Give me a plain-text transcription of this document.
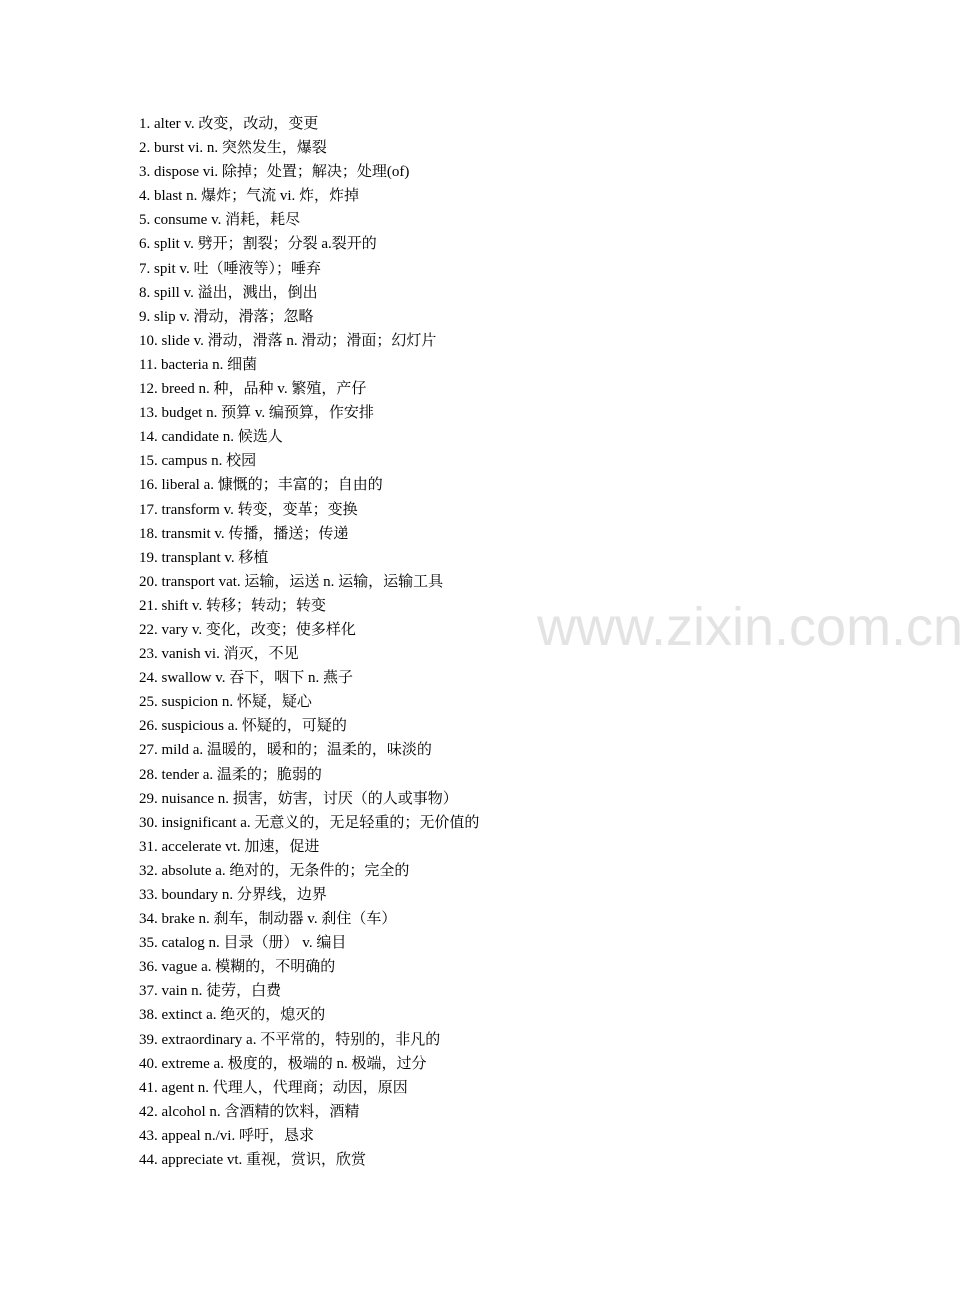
1. alter v. 改变，改动，变更
2. burst vi. n. 突然发生，爆裂
3. dispose vi. 除掉；处置；解决；处理(of)
4. blast n. 爆炸；气流 vi. 炸，炸掉
5. consume v. 消耗，耗尽
6. split v. 劈开；割裂；分裂 a.裂开的
7. spit v. 吐（唾液等）；唾弃
8. spill v. 溢出，溅出，倒出
9. slip v. 滑动，滑落；忽略
10. slide v. 滑动，滑落 n. 滑动；滑面；幻灯片
11. bacteria n. 细菌
12. breed n. 种，品种 v. 繁殖，产仔
13. budget n. 预算 v. 编预算，作安排
14. candidate n. 候选人
15. campus n. 校园
16. liberal a. 慷慨的；丰富的；自由的
17. transform v. 转变，变革；变换
18. transmit v. 传播，播送；传递
19. transplant v. 移植
20. transport vat. 运输，运送 n. 运输，运输工具
21. shift v. 转移；转动；转变
22. vary v. 变化，改变；使多样化
23. vanish vi. 消灭，不见
24. swallow v. 吞下，咽下 n. 燕子
25. suspicion n. 怀疑，疑心
26. suspicious a. 怀疑的，可疑的
27. mild a. 温暖的，暖和的；温柔的，味淡的
28. tender a. 温柔的；脆弱的
29. nuisance n. 损害，妨害，讨厌（的人或事物）
30. insignificant a. 无意义的，无足轻重的；无价值的
31. accelerate vt. 加速，促进
32. absolute a. 绝对的，无条件的；完全的
33. boundary n. 分界线，边界
34. brake n. 刹车，制动器 v. 刹住（车）
35. catalog n. 目录（册） v. 编目
36. vague a. 模糊的，不明确的
37. vain n. 徒劳，白费
38. extinct a. 绝灭的，熄灭的
39. extraordinary a. 不平常的，特别的，非凡的
40. extreme a. 极度的，极端的 n. 极端，过分
41. agent n. 代理人，代理商；动因，原因
42. alcohol n. 含酒精的饮料，酒精
43. appeal n./vi. 呼吁，恳求
44. appreciate vt. 重视，赏识，欣赏
www.zixin.com.cn
